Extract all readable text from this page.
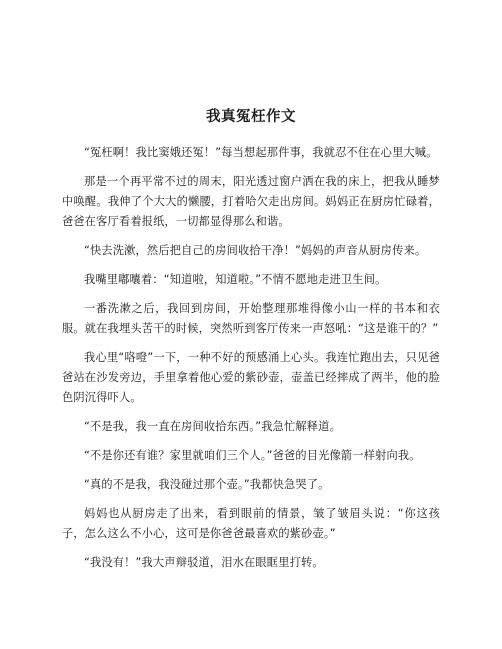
我真冤枉作文

“冤枉啊！我比窦娥还冤！”每当想起那件事，我就忍不住在心里大喊。

那是一个再平常不过的周末，阳光透过窗户洒在我的床上，把我从睡梦中唤醒。我伸了个大大的懒腰，打着哈欠走出房间。妈妈正在厨房忙碌着，爸爸在客厅看着报纸，一切都显得那么和谐。

“快去洗漱，然后把自己的房间收拾干净！”妈妈的声音从厨房传来。

我嘴里嘟囔着：“知道啦，知道啦。”不情不愿地走进卫生间。

一番洗漱之后，我回到房间，开始整理那堆得像小山一样的书本和衣服。就在我埋头苦干的时候，突然听到客厅传来一声怒吼：“这是谁干的？”

我心里“咯噔”一下，一种不好的预感涌上心头。我连忙跑出去，只见爸爸站在沙发旁边，手里拿着他心爱的紫砂壶，壶盖已经摔成了两半，他的脸色阴沉得吓人。

“不是我，我一直在房间收拾东西。”我急忙解释道。

“不是你还有谁？家里就咱们三个人。”爸爸的目光像箭一样射向我。

“真的不是我，我没碰过那个壶。”我都快急哭了。

妈妈也从厨房走了出来，看到眼前的情景，皱了皱眉头说：“你这孩子，怎么这么不小心，这可是你爸爸最喜欢的紫砂壶。”

“我没有！”我大声辩驳道，泪水在眼眶里打转。
